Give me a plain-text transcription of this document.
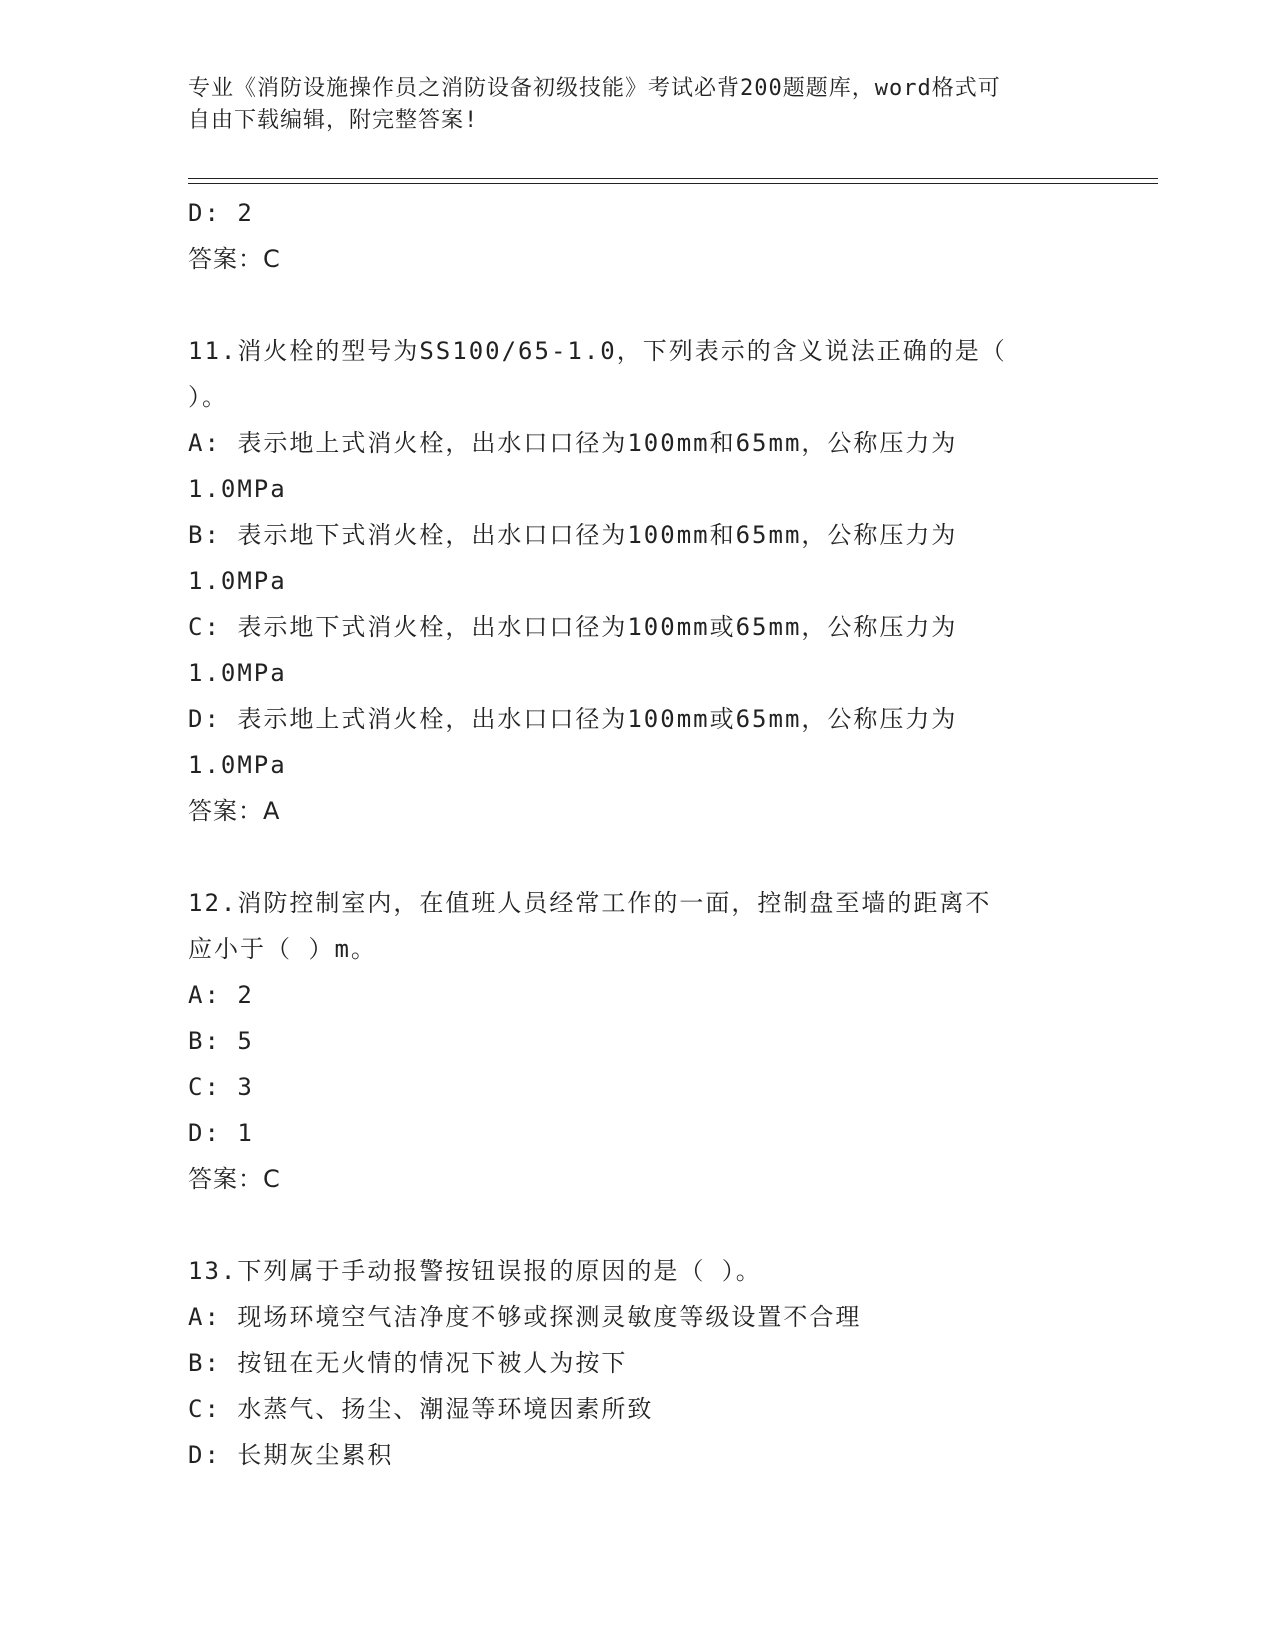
专业《消防设施操作员之消防设备初级技能》考试必背200题题库，word格式可
自由下载编辑，附完整答案!
D: 2
答案：C
11.消火栓的型号为SS100/65-1.0，下列表示的含义说法正确的是（
）。
A: 表示地上式消火栓，出水口口径为100mm和65mm，公称压力为
1.0MPa
B: 表示地下式消火栓，出水口口径为100mm和65mm，公称压力为
1.0MPa
C: 表示地下式消火栓，出水口口径为100mm或65mm，公称压力为
1.0MPa
D: 表示地上式消火栓，出水口口径为100mm或65mm，公称压力为
1.0MPa
答案：A
12.消防控制室内，在值班人员经常工作的一面，控制盘至墙的距离不
应小于（ ）m。
A: 2
B: 5
C: 3
D: 1
答案：C
13.下列属于手动报警按钮误报的原因的是（ ）。
A: 现场环境空气洁净度不够或探测灵敏度等级设置不合理
B: 按钮在无火情的情况下被人为按下
C: 水蒸气、扬尘、潮湿等环境因素所致
D: 长期灰尘累积
